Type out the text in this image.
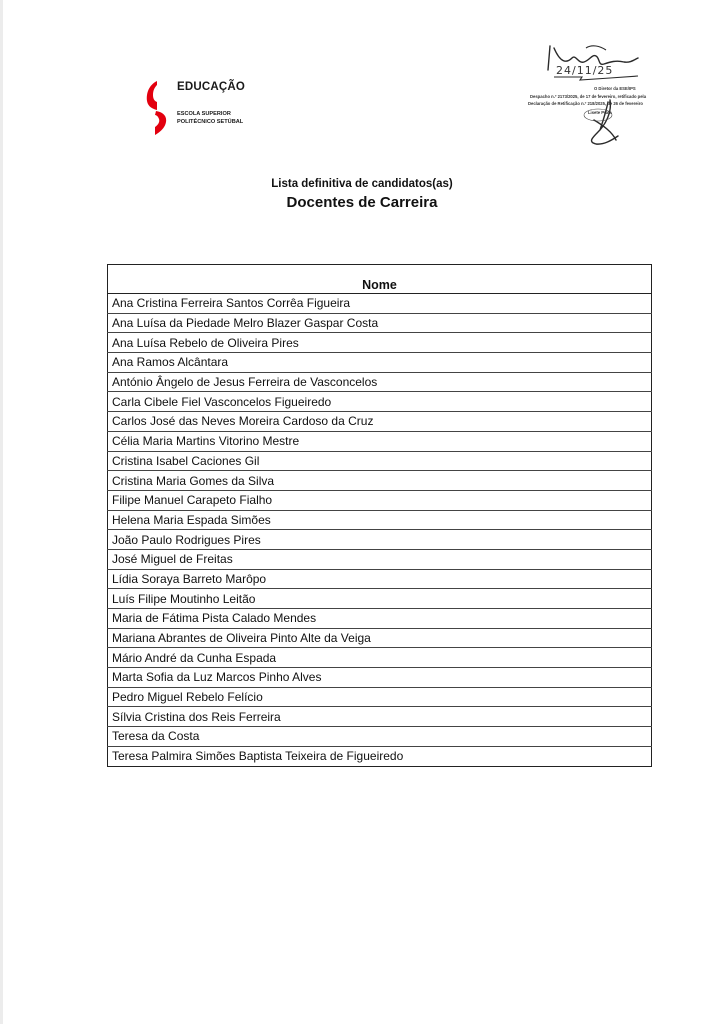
EDUCAÇÃO
ESCOLA SUPERIOR
POLITÉCNICO SETÚBAL
24/11/25
O Diretor da ESE/IPS
Despacho n.º 2173/2025, de 17 de fevereiro, retificado pela
Declaração de Retificação n.º 218/2025, de 26 de fevereiro
Lisete Prata
Lista definitiva de candidatos(as)
Docentes de Carreira
Nome
Ana Cristina Ferreira Santos Corrêa Figueira
Ana Luísa da Piedade Melro Blazer Gaspar Costa
Ana Luísa Rebelo de Oliveira Pires
Ana Ramos Alcântara
António Ângelo de Jesus Ferreira de Vasconcelos
Carla Cibele Fiel Vasconcelos Figueiredo
Carlos José das Neves Moreira Cardoso da Cruz
Célia Maria Martins Vitorino Mestre
Cristina Isabel Caciones Gil
Cristina Maria Gomes da Silva
Filipe Manuel Carapeto Fialho
Helena Maria Espada Simões
João Paulo Rodrigues Pires
José Miguel de Freitas
Lídia Soraya Barreto Marôpo
Luís Filipe Moutinho Leitão
Maria de Fátima Pista Calado Mendes
Mariana Abrantes de Oliveira Pinto Alte da Veiga
Mário André da Cunha Espada
Marta Sofia da Luz Marcos Pinho Alves
Pedro Miguel Rebelo Felício
Sílvia Cristina dos Reis Ferreira
Teresa da Costa
Teresa Palmira Simões Baptista Teixeira de Figueiredo
